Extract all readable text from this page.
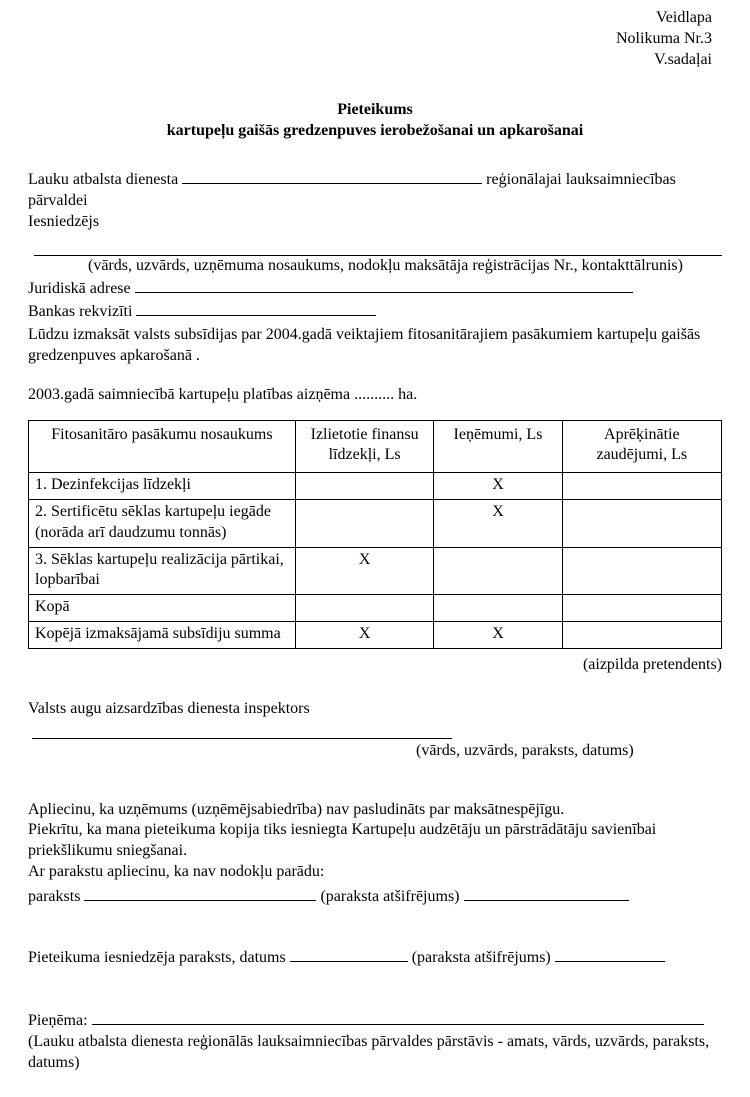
Veidlapa

Nolikuma Nr.3

V.sadaļai

Pieteikums

kartupeļu gaišās gredzenpuves ierobežošanai un apkarošanai

Lauku atbalsta dienesta	reģionālajai lauksaimniecības

pārvaldei

Iesniedzējs

(vārds, uzvārds, uzņēmuma nosaukums, nodokļu maksātāja reģistrācijas Nr., kontakttālrunis)

Juridiskā adrese

Bankas rekvizīti

Lūdzu izmaksāt valsts subsīdijas par 2004.gadā veiktajiem fitosanitārajiem pasākumiem kartupeļu gaišās gredzenpuves apkarošanā .

2003.gadā saimniecībā kartupeļu platības aizņēma .......... ha.

Fitosanitāro pasākumu nosaukums	Izlietotie finansu līdzekļi, Ls	Ieņēmumi, Ls	Aprēķinātie zaudējumi, Ls
1. Dezinfekcijas līdzekļi		X	
2. Sertificētu sēklas kartupeļu iegāde (norāda arī daudzumu tonnās)		X	
3. Sēklas kartupeļu realizācija pārtikai, lopbarībai	X		
Kopā			
Kopējā izmaksājamā subsīdiju summa	X	X	

(aizpilda pretendents)

Valsts augu aizsardzības dienesta inspektors

(vārds, uzvārds, paraksts, datums)

Apliecinu, ka uzņēmums (uzņēmējsabiedrība) nav pasludināts par maksātnespējīgu.

Piekrītu, ka mana pieteikuma kopija tiks iesniegta Kartupeļu audzētāju un pārstrādātāju savienībai priekšlikumu sniegšanai.

Ar parakstu apliecinu, ka nav nodokļu parādu:

paraksts	(paraksta atšifrējums)

Pieteikuma iesniedzēja paraksts, datums	(paraksta atšifrējums)

Pieņēma:

(Lauku atbalsta dienesta reģionālās lauksaimniecības pārvaldes pārstāvis - amats, vārds, uzvārds, paraksts, datums)
